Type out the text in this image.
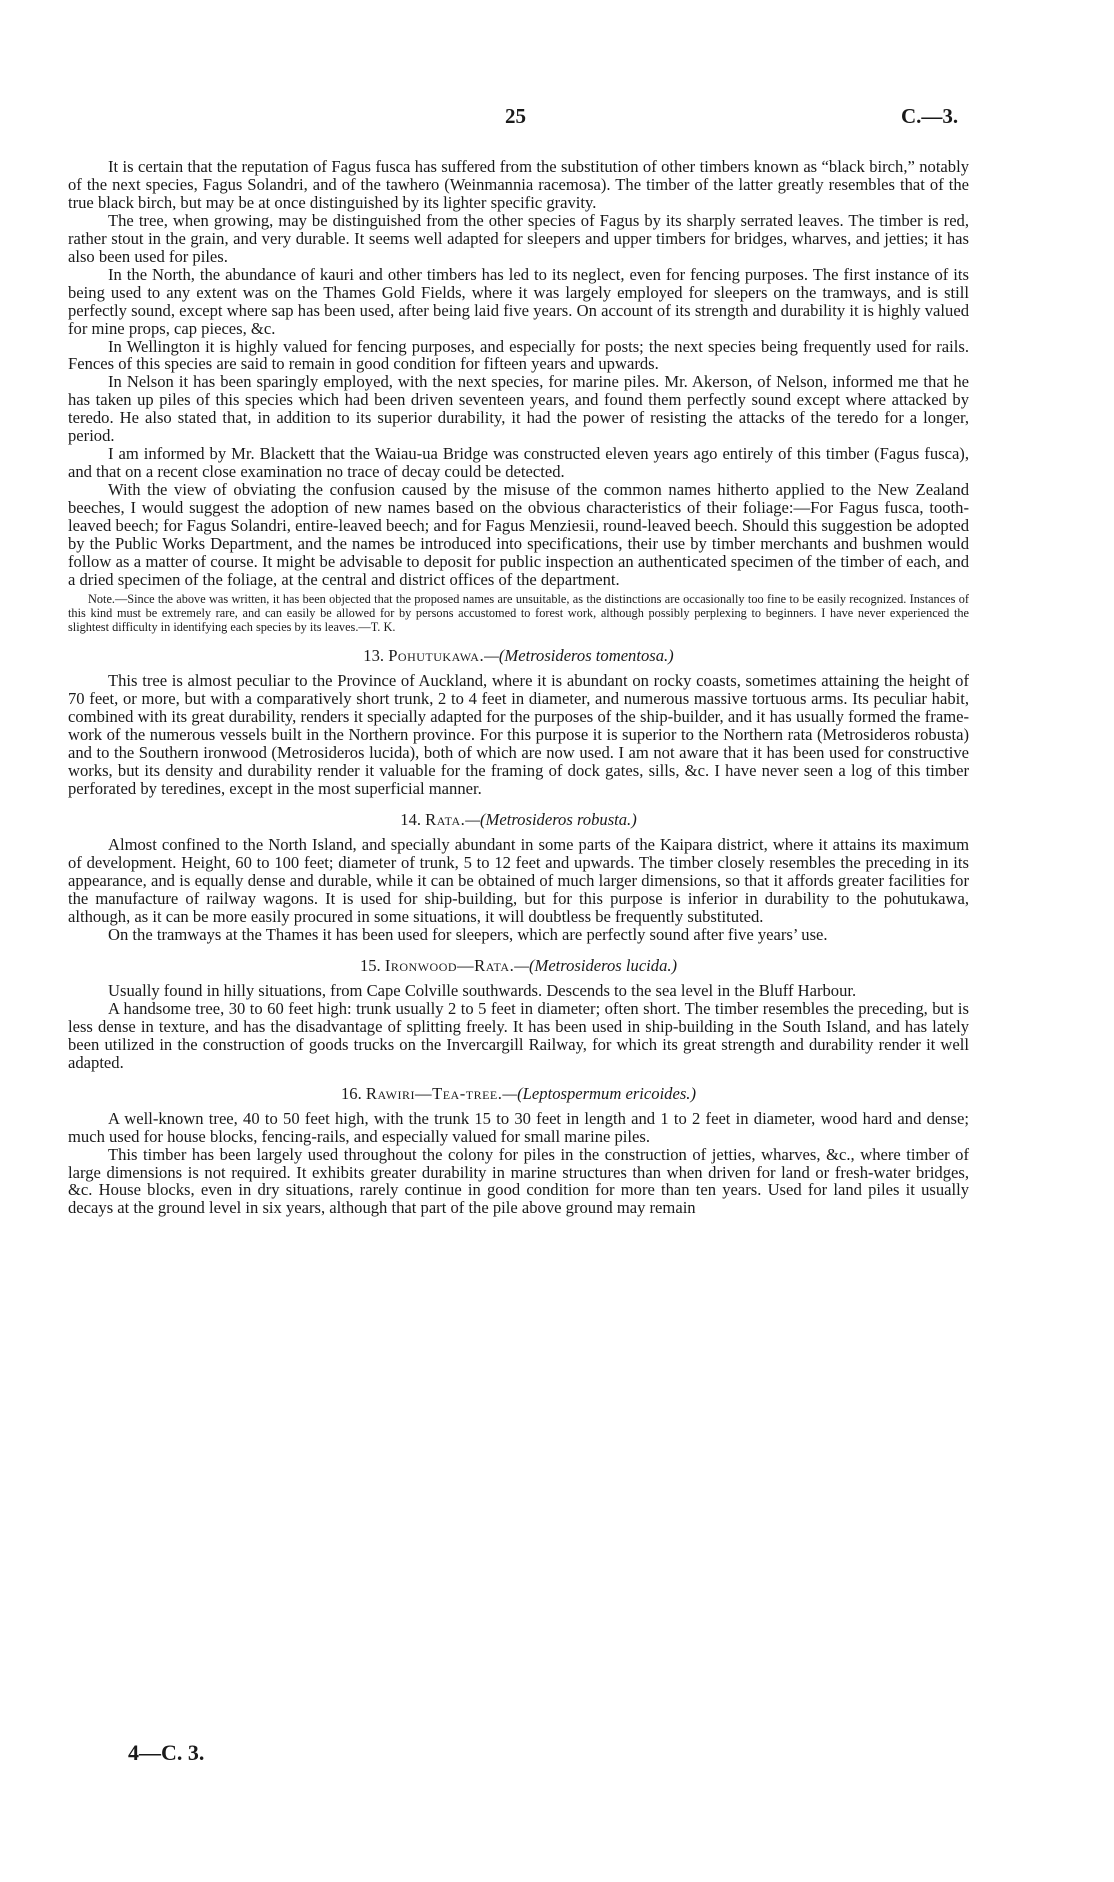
25	C.—3.

It is certain that the reputation of Fagus fusca has suffered from the substitution of other timbers known as “black birch,” notably of the next species, Fagus Solandri, and of the tawhero (Weinmannia racemosa). The timber of the latter greatly resembles that of the true black birch, but may be at once distinguished by its lighter specific gravity.

The tree, when growing, may be distinguished from the other species of Fagus by its sharply serrated leaves. The timber is red, rather stout in the grain, and very durable. It seems well adapted for sleepers and upper timbers for bridges, wharves, and jetties; it has also been used for piles.

In the North, the abundance of kauri and other timbers has led to its neglect, even for fencing purposes. The first instance of its being used to any extent was on the Thames Gold Fields, where it was largely employed for sleepers on the tramways, and is still perfectly sound, except where sap has been used, after being laid five years. On account of its strength and durability it is highly valued for mine props, cap pieces, &c.

In Wellington it is highly valued for fencing purposes, and especially for posts; the next species being frequently used for rails. Fences of this species are said to remain in good condition for fifteen years and upwards.

In Nelson it has been sparingly employed, with the next species, for marine piles. Mr. Akerson, of Nelson, informed me that he has taken up piles of this species which had been driven seventeen years, and found them perfectly sound except where attacked by teredo. He also stated that, in addition to its superior durability, it had the power of resisting the attacks of the teredo for a longer, period.

I am informed by Mr. Blackett that the Waiau-ua Bridge was constructed eleven years ago entirely of this timber (Fagus fusca), and that on a recent close examination no trace of decay could be detected.

With the view of obviating the confusion caused by the misuse of the common names hitherto applied to the New Zealand beeches, I would suggest the adoption of new names based on the obvious characteristics of their foliage:—For Fagus fusca, tooth-leaved beech; for Fagus Solandri, entire-leaved beech; and for Fagus Menziesii, round-leaved beech. Should this suggestion be adopted by the Public Works Department, and the names be introduced into specifications, their use by timber merchants and bushmen would follow as a matter of course. It might be advisable to deposit for public inspection an authenticated specimen of the timber of each, and a dried specimen of the foliage, at the central and district offices of the department.

Note.—Since the above was written, it has been objected that the proposed names are unsuitable, as the distinctions are occasionally too fine to be easily recognized. Instances of this kind must be extremely rare, and can easily be allowed for by persons accustomed to forest work, although possibly perplexing to beginners. I have never experienced the slightest difficulty in identifying each species by its leaves.—T. K.

13. Pohutukawa.—(Metrosideros tomentosa.)

This tree is almost peculiar to the Province of Auckland, where it is abundant on rocky coasts, sometimes attaining the height of 70 feet, or more, but with a comparatively short trunk, 2 to 4 feet in diameter, and numerous massive tortuous arms. Its peculiar habit, combined with its great durability, renders it specially adapted for the purposes of the ship-builder, and it has usually formed the frame-work of the numerous vessels built in the Northern province. For this purpose it is superior to the Northern rata (Metrosideros robusta) and to the Southern ironwood (Metrosideros lucida), both of which are now used. I am not aware that it has been used for constructive works, but its density and durability render it valuable for the framing of dock gates, sills, &c. I have never seen a log of this timber perforated by teredines, except in the most superficial manner.

14. Rata.—(Metrosideros robusta.)

Almost confined to the North Island, and specially abundant in some parts of the Kaipara district, where it attains its maximum of development. Height, 60 to 100 feet; diameter of trunk, 5 to 12 feet and upwards. The timber closely resembles the preceding in its appearance, and is equally dense and durable, while it can be obtained of much larger dimensions, so that it affords greater facilities for the manufacture of railway wagons. It is used for ship-building, but for this purpose is inferior in durability to the pohutukawa, although, as it can be more easily procured in some situations, it will doubtless be frequently substituted.

On the tramways at the Thames it has been used for sleepers, which are perfectly sound after five years’ use.

15. Ironwood—Rata.—(Metrosideros lucida.)

Usually found in hilly situations, from Cape Colville southwards. Descends to the sea level in the Bluff Harbour.

A handsome tree, 30 to 60 feet high: trunk usually 2 to 5 feet in diameter; often short. The timber resembles the preceding, but is less dense in texture, and has the disadvantage of splitting freely. It has been used in ship-building in the South Island, and has lately been utilized in the construction of goods trucks on the Invercargill Railway, for which its great strength and durability render it well adapted.

16. Rawiri—Tea-tree.—(Leptospermum ericoides.)

A well-known tree, 40 to 50 feet high, with the trunk 15 to 30 feet in length and 1 to 2 feet in diameter, wood hard and dense; much used for house blocks, fencing-rails, and especially valued for small marine piles.

This timber has been largely used throughout the colony for piles in the construction of jetties, wharves, &c., where timber of large dimensions is not required. It exhibits greater durability in marine structures than when driven for land or fresh-water bridges, &c. House blocks, even in dry situations, rarely continue in good condition for more than ten years. Used for land piles it usually decays at the ground level in six years, although that part of the pile above ground may remain

4—C. 3.
